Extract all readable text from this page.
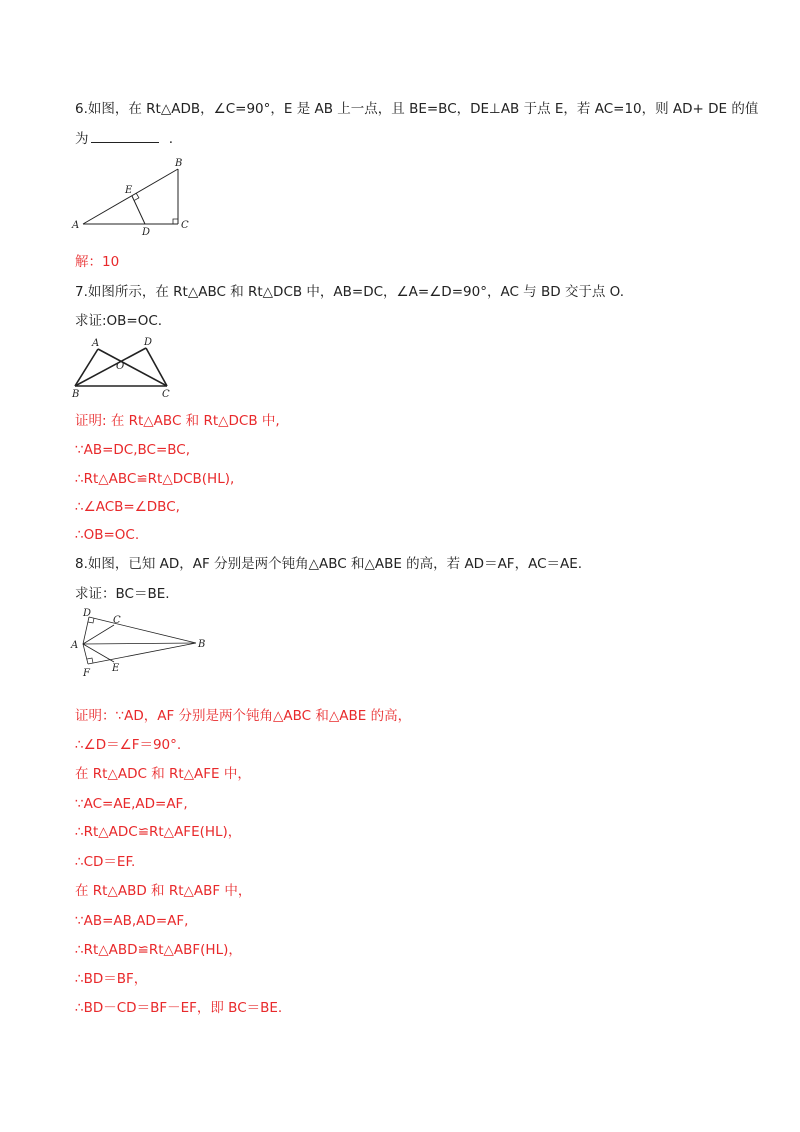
6.如图，在 Rt△ADB，∠C=90°，E 是 AB 上一点，且 BE=BC，DE⊥AB 于点 E，若 AC=10，则 AD+ DE 的值
为	.
A
B
C
D
E
解：10
7.如图所示，在 Rt△ABC 和 Rt△DCB 中，AB=DC，∠A=∠D=90°，AC 与 BD 交于点 O.
求证:OB=OC.
A	D
O
B	C
证明: 在 Rt△ABC 和 Rt△DCB 中,
∵AB=DC,BC=BC,
∴Rt△ABC≌Rt△DCB(HL),
∴∠ACB=∠DBC,
∴OB=OC.
8.如图，已知 AD，AF 分别是两个钝角△ABC 和△ABE 的高，若 AD＝AF，AC＝AE.
求证：BC＝BE.
D
C
A	B
F E
证明：∵AD，AF 分别是两个钝角△ABC 和△ABE 的高，
∴∠D＝∠F＝90°.
在 Rt△ADC 和 Rt△AFE 中，
∵AC=AE,AD=AF,
∴Rt△ADC≌Rt△AFE(HL)，
∴CD＝EF.
在 Rt△ABD 和 Rt△ABF 中，
∵AB=AB,AD=AF,
∴Rt△ABD≌Rt△ABF(HL)，
∴BD＝BF，
∴BD－CD＝BF－EF，即 BC＝BE.
